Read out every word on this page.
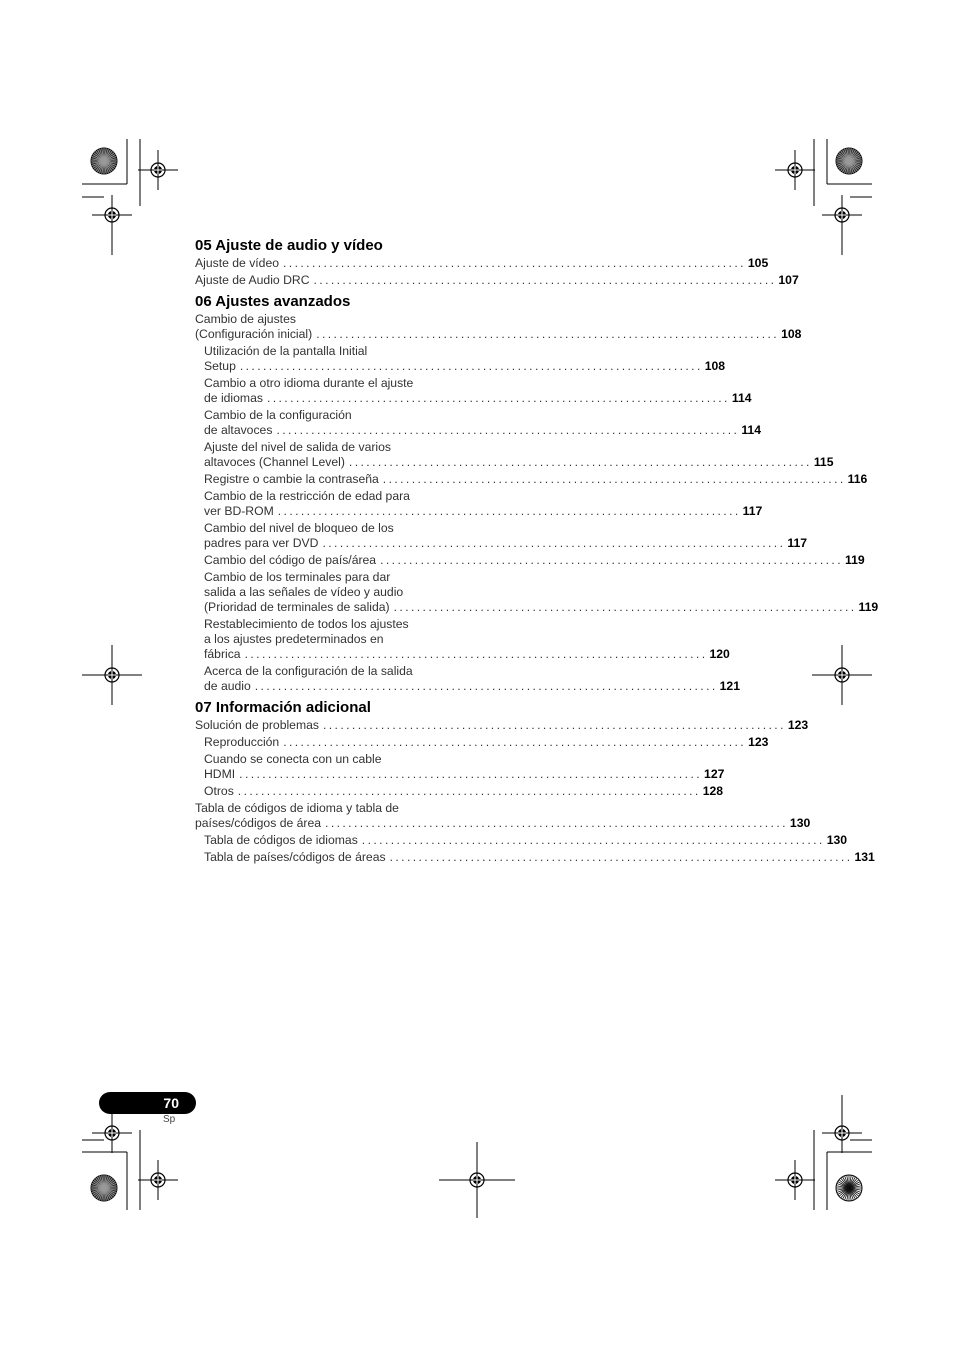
05 Ajuste de audio y vídeo
Ajuste de vídeo ................................................................................ 105
Ajuste de Audio DRC ................................................................................ 107
06 Ajustes avanzados
Cambio de ajustes
(Configuración inicial) ................................................................................ 108
Utilización de la pantalla Initial
Setup ................................................................................ 108
Cambio a otro idioma durante el ajuste
de idiomas ................................................................................ 114
Cambio de la configuración
de altavoces ................................................................................ 114
Ajuste del nivel de salida de varios
altavoces (Channel Level) ................................................................................ 115
Registre o cambie la contraseña ................................................................................ 116
Cambio de la restricción de edad para
ver BD-ROM ................................................................................ 117
Cambio del nivel de bloqueo de los
padres para ver DVD ................................................................................ 117
Cambio del código de país/área ................................................................................ 119
Cambio de los terminales para dar
salida a las señales de vídeo y audio
(Prioridad de terminales de salida) ................................................................................ 119
Restablecimiento de todos los ajustes
a los ajustes predeterminados en
fábrica ................................................................................ 120
Acerca de la configuración de la salida
de audio ................................................................................ 121
07 Información adicional
Solución de problemas ................................................................................ 123
Reproducción ................................................................................ 123
Cuando se conecta con un cable
HDMI ................................................................................ 127
Otros ................................................................................ 128
Tabla de códigos de idioma y tabla de
países/códigos de área ................................................................................ 130
Tabla de códigos de idiomas ................................................................................ 130
Tabla de países/códigos de áreas ................................................................................ 131
70
Sp
